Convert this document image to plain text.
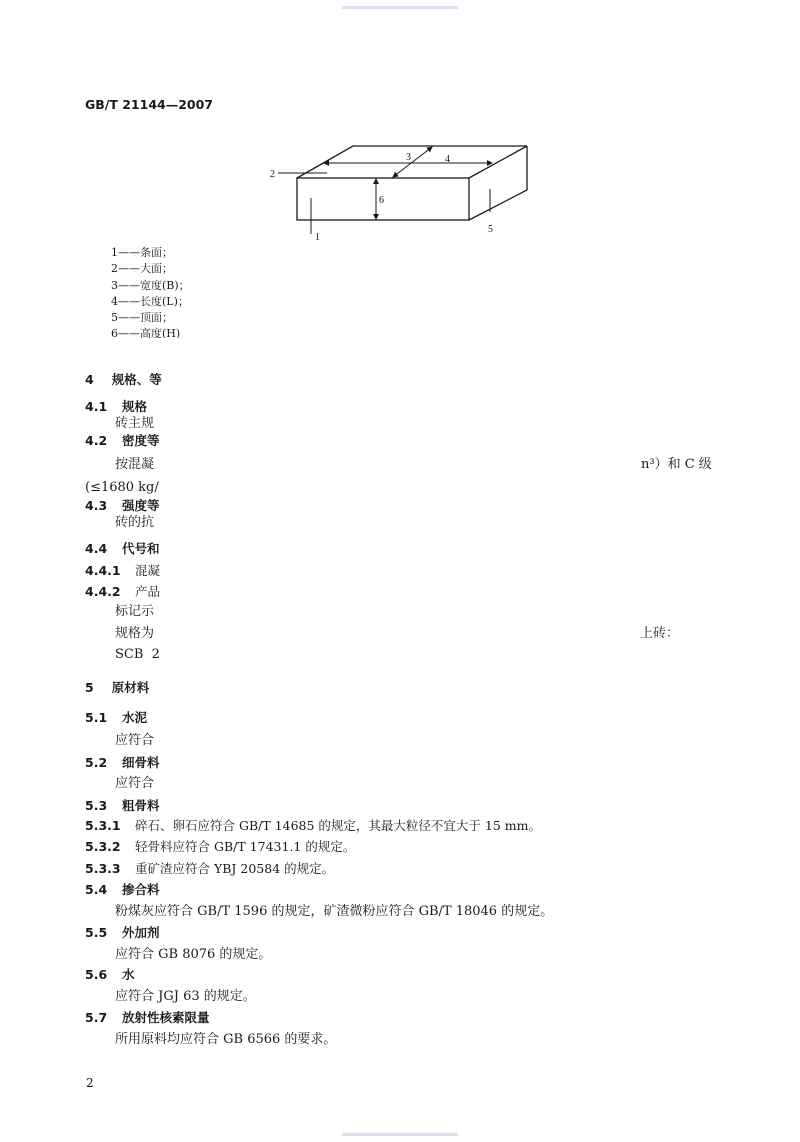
GB/T 21144—2007
1
2
3	4
5
6
1——条面；
2——大面；
3——宽度(B)；
4——长度(L)；
5——顶面；
6——高度(H)
4 规格、等
4.1 规格
砖主规
4.2 密度等
按混凝	n³）和 C 级
(≤1680 kg/
4.3 强度等
砖的抗
4.4 代号和
4.4.1 混凝
4.4.2 产品
标记示
规格为	上砖：
SCB  2
5 原材料
5.1 水泥
应符合
5.2 细骨料
应符合
5.3 粗骨料
5.3.1 碎石、卵石应符合 GB/T 14685 的规定，其最大粒径不宜大于 15 mm。
5.3.2 轻骨料应符合 GB/T 17431.1 的规定。
5.3.3 重矿渣应符合 YBJ 20584 的规定。
5.4 掺合料
粉煤灰应符合 GB/T 1596 的规定，矿渣微粉应符合 GB/T 18046 的规定。
5.5 外加剂
应符合 GB 8076 的规定。
5.6 水
应符合 JGJ 63 的规定。
5.7 放射性核素限量
所用原料均应符合 GB 6566 的要求。
2
